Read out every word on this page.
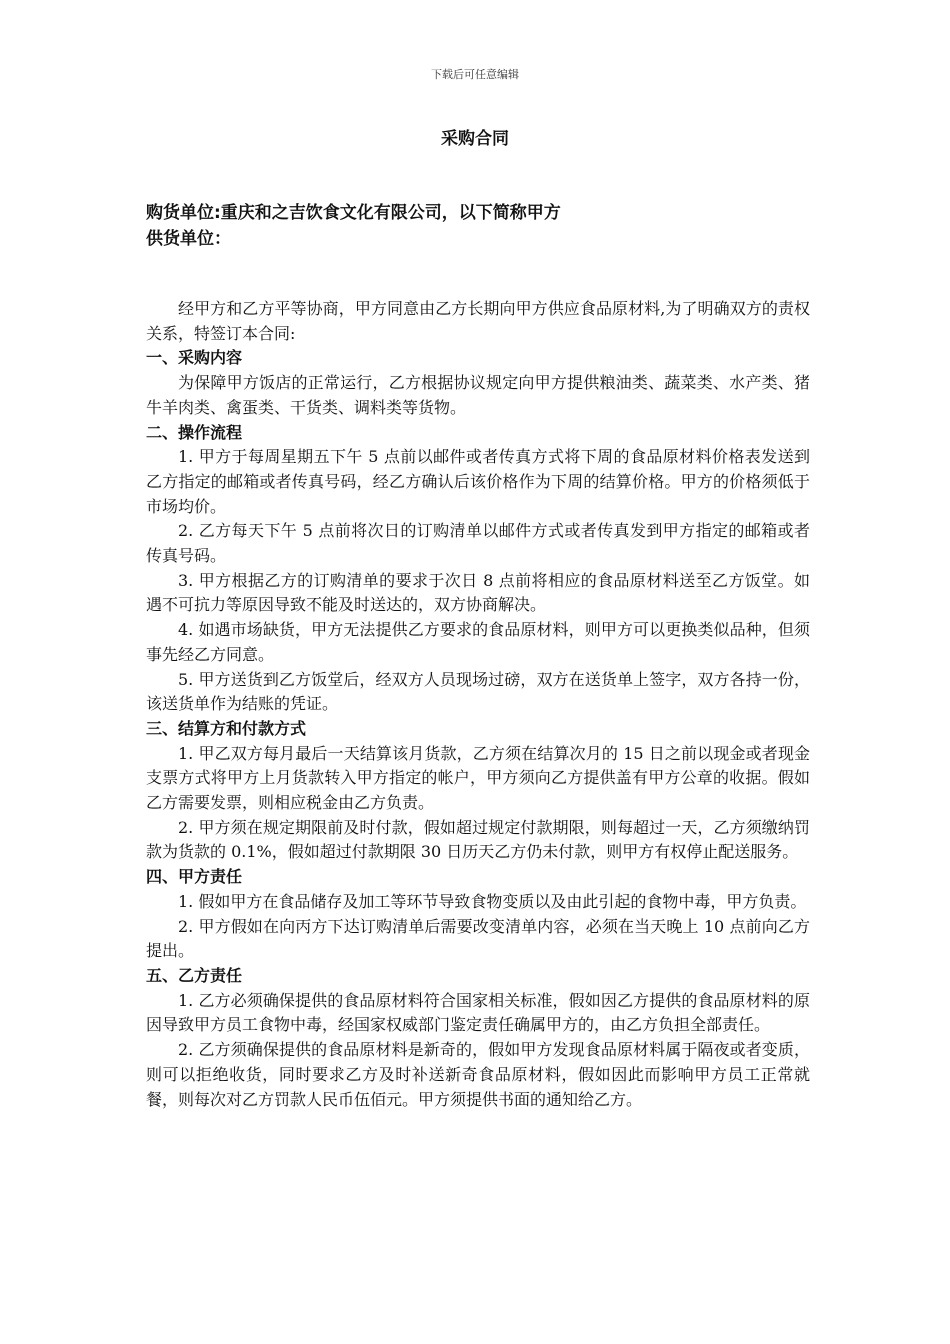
下载后可任意编辑
采购合同
购货单位:重庆和之吉饮食文化有限公司，以下简称甲方
供货单位：

经甲方和乙方平等协商，甲方同意由乙方长期向甲方供应食品原材料,为了明确双方的责权关系，特签订本合同:

一、采购内容

为保障甲方饭店的正常运行，乙方根据协议规定向甲方提供粮油类、蔬菜类、水产类、猪牛羊肉类、禽蛋类、干货类、调料类等货物。

二、操作流程

1. 甲方于每周星期五下午 5 点前以邮件或者传真方式将下周的食品原材料价格表发送到乙方指定的邮箱或者传真号码，经乙方确认后该价格作为下周的结算价格。甲方的价格须低于市场均价。

2. 乙方每天下午 5 点前将次日的订购清单以邮件方式或者传真发到甲方指定的邮箱或者传真号码。

3. 甲方根据乙方的订购清单的要求于次日 8 点前将相应的食品原材料送至乙方饭堂。如遇不可抗力等原因导致不能及时送达的，双方协商解决。

4. 如遇市场缺货，甲方无法提供乙方要求的食品原材料，则甲方可以更换类似品种，但须事先经乙方同意。

5. 甲方送货到乙方饭堂后，经双方人员现场过磅，双方在送货单上签字，双方各持一份，该送货单作为结账的凭证。

三、结算方和付款方式

1. 甲乙双方每月最后一天结算该月货款，乙方须在结算次月的 15 日之前以现金或者现金支票方式将甲方上月货款转入甲方指定的帐户，甲方须向乙方提供盖有甲方公章的收据。假如乙方需要发票，则相应税金由乙方负责。

2. 甲方须在规定期限前及时付款，假如超过规定付款期限，则每超过一天，乙方须缴纳罚款为货款的 0.1%，假如超过付款期限 30 日历天乙方仍未付款，则甲方有权停止配送服务。

四、甲方责任

1. 假如甲方在食品储存及加工等环节导致食物变质以及由此引起的食物中毒，甲方负责。

2. 甲方假如在向丙方下达订购清单后需要改变清单内容，必须在当天晚上 10 点前向乙方提出。

五、乙方责任

1. 乙方必须确保提供的食品原材料符合国家相关标准，假如因乙方提供的食品原材料的原因导致甲方员工食物中毒，经国家权威部门鉴定责任确属甲方的，由乙方负担全部责任。

2. 乙方须确保提供的食品原材料是新奇的，假如甲方发现食品原材料属于隔夜或者变质，则可以拒绝收货，同时要求乙方及时补送新奇食品原材料，假如因此而影响甲方员工正常就餐，则每次对乙方罚款人民币伍佰元。甲方须提供书面的通知给乙方。
